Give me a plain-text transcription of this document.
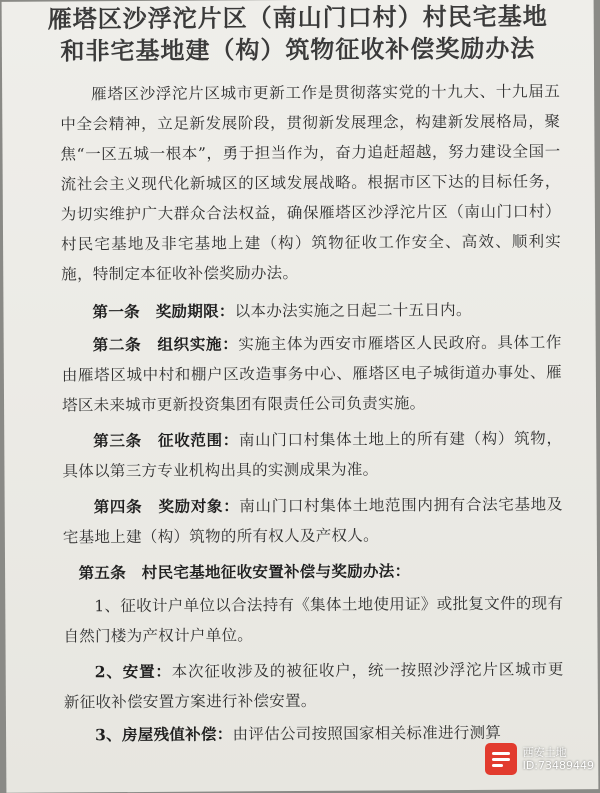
雁塔区沙浮沱片区（南山门口村）村民宅基地
和非宅基地建（构）筑物征收补偿奖励办法

雁塔区沙浮沱片区城市更新工作是贯彻落实党的十九大、十九届五中全会精神，立足新发展阶段，贯彻新发展理念，构建新发展格局，聚焦“一区五城一根本”，勇于担当作为，奋力追赶超越，努力建设全国一流社会主义现代化新城区的区域发展战略。根据市区下达的目标任务，为切实维护广大群众合法权益，确保雁塔区沙浮沱片区（南山门口村）村民宅基地及非宅基地上建（构）筑物征收工作安全、高效、顺利实施，特制定本征收补偿奖励办法。

第一条　 奖励期限：以本办法实施之日起二十五日内。

第二条　 组织实施：实施主体为西安市雁塔区人民政府。具体工作由雁塔区城中村和棚户区改造事务中心、雁塔区电子城街道办事处、雁塔区未来城市更新投资集团有限责任公司负责实施。

第三条　 征收范围：南山门口村集体土地上的所有建（构）筑物，具体以第三方专业机构出具的实测成果为准。

第四条　 奖励对象：南山门口村集体土地范围内拥有合法宅基地及宅基地上建（构）筑物的所有权人及产权人。

第五条　村民宅基地征收安置补偿与奖励办法：

1、征收计户单位以合法持有《集体土地使用证》或批复文件的现有自然门楼为产权计户单位。

2、安置：本次征收涉及的被征收户，统一按照沙浮沱片区城市更新征收补偿安置方案进行补偿安置。

3、房屋残值补偿：由评估公司按照国家相关标准进行测算

西安土地
ID:73489449
